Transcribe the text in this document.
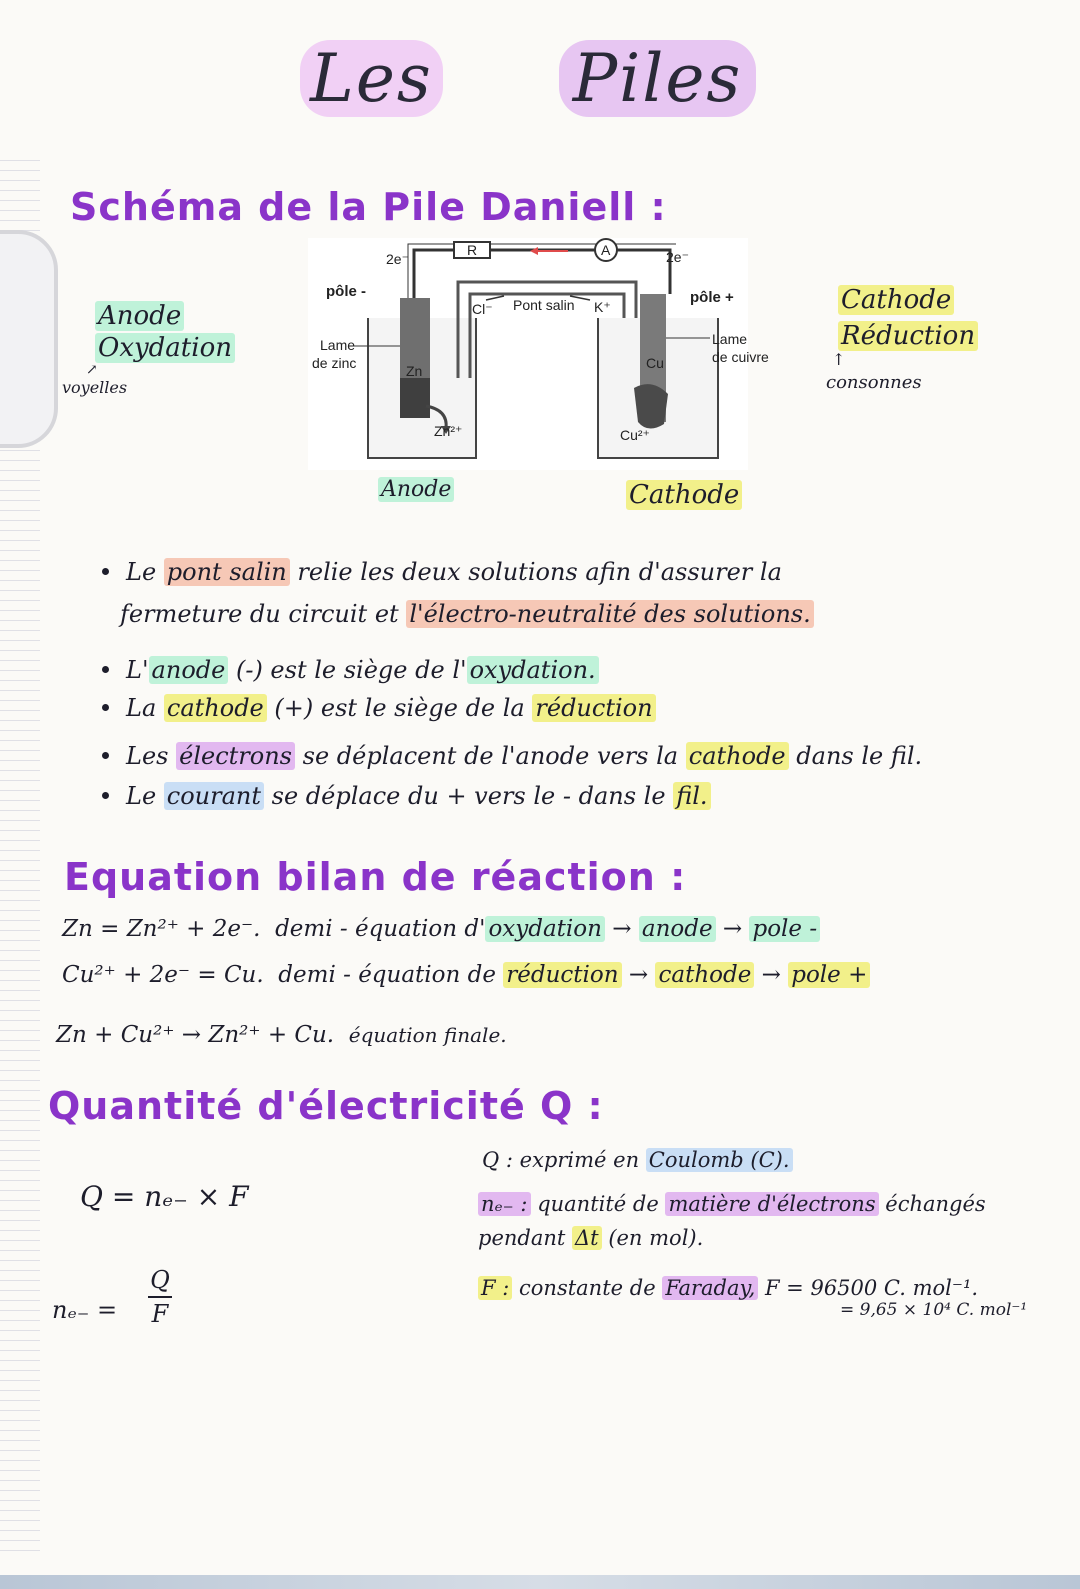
Les Piles
Schéma de la Pile Daniell :
Anode
Oxydation
↗
voyelles
Cathode
Réduction
↑
consonnes
R	A
2e⁻	2e⁻
Zn
Zn²⁺
pôle -
Lame
de zinc
Pont salin
Cl⁻	K⁺
Cu
Cu²⁺
pôle +
Lame
de cuivre
Anode	Cathode
Le pont salin relie les deux solutions afin d'assurer la
fermeture du circuit et l'électro-neutralité des solutions.
L' anode (-) est le siège de l' oxydation.
La cathode (+) est le siège de la réduction
Les électrons se déplacent de l'anode vers la cathode dans le fil.
Le courant se déplace du + vers le - dans le fil.
Equation bilan de réaction :
Zn = Zn²⁺ + 2e⁻. demi - équation d' oxydation → anode → pole -
Cu²⁺ + 2e⁻ = Cu. demi - équation de réduction → cathode → pole +
Zn + Cu²⁺ → Zn²⁺ + Cu. équation finale.
Quantité d'électricité Q :
Q = nₑ₋ × F
nₑ₋ =
Q
F
Q : exprimé en Coulomb (C).
nₑ₋ : quantité de matière d'électrons échangés
pendant Δt (en mol).
F : constante de Faraday, F = 96500 C. mol⁻¹.
= 9,65 × 10⁴ C. mol⁻¹
